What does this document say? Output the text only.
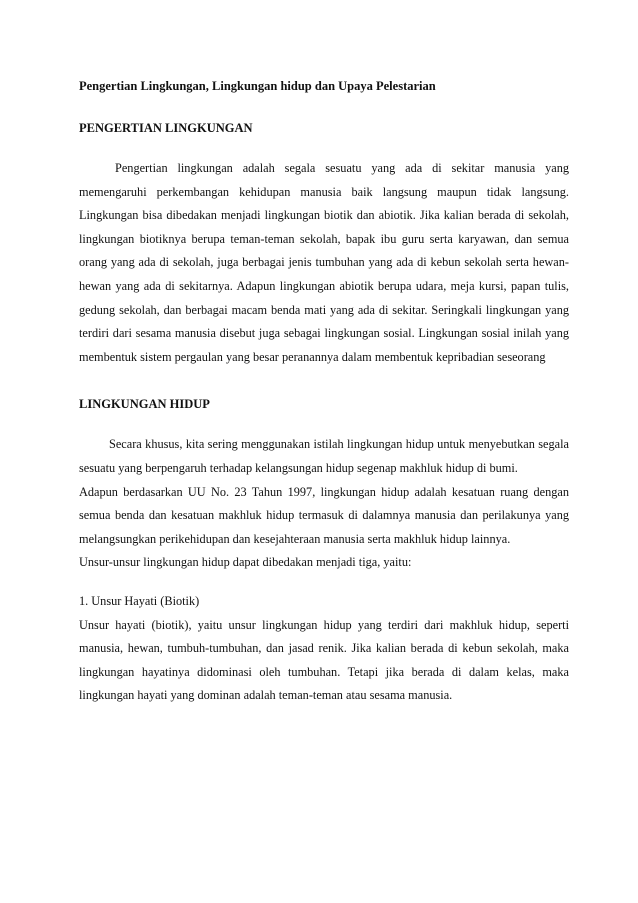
Pengertian Lingkungan, Lingkungan hidup dan Upaya Pelestarian

PENGERTIAN LINGKUNGAN

Pengertian lingkungan adalah segala sesuatu yang ada di sekitar manusia yang memengaruhi perkembangan kehidupan manusia baik langsung maupun tidak langsung. Lingkungan bisa dibedakan menjadi lingkungan biotik dan abiotik. Jika kalian berada di sekolah, lingkungan biotiknya berupa teman-teman sekolah, bapak ibu guru serta karyawan, dan semua orang yang ada di sekolah, juga berbagai jenis tumbuhan yang ada di kebun sekolah serta hewan-hewan yang ada di sekitarnya. Adapun lingkungan abiotik berupa udara, meja kursi, papan tulis, gedung sekolah, dan berbagai macam benda mati yang ada di sekitar. Seringkali lingkungan yang terdiri dari sesama manusia disebut juga sebagai lingkungan sosial. Lingkungan sosial inilah yang membentuk sistem pergaulan yang besar peranannya dalam membentuk kepribadian seseorang

LINGKUNGAN HIDUP

Secara khusus, kita sering menggunakan istilah lingkungan hidup untuk menyebutkan segala sesuatu yang berpengaruh terhadap kelangsungan hidup segenap makhluk hidup di bumi.

Adapun berdasarkan UU No. 23 Tahun 1997, lingkungan hidup adalah kesatuan ruang dengan semua benda dan kesatuan makhluk hidup termasuk di dalamnya manusia dan perilakunya yang melangsungkan perikehidupan dan kesejahteraan manusia serta makhluk hidup lainnya.

Unsur-unsur lingkungan hidup dapat dibedakan menjadi tiga, yaitu:

1. Unsur Hayati (Biotik)

Unsur hayati (biotik), yaitu unsur lingkungan hidup yang terdiri dari makhluk hidup, seperti manusia, hewan, tumbuh-tumbuhan, dan jasad renik. Jika kalian berada di kebun sekolah, maka lingkungan hayatinya didominasi oleh tumbuhan. Tetapi jika berada di dalam kelas, maka lingkungan hayati yang dominan adalah teman-teman atau sesama manusia.
